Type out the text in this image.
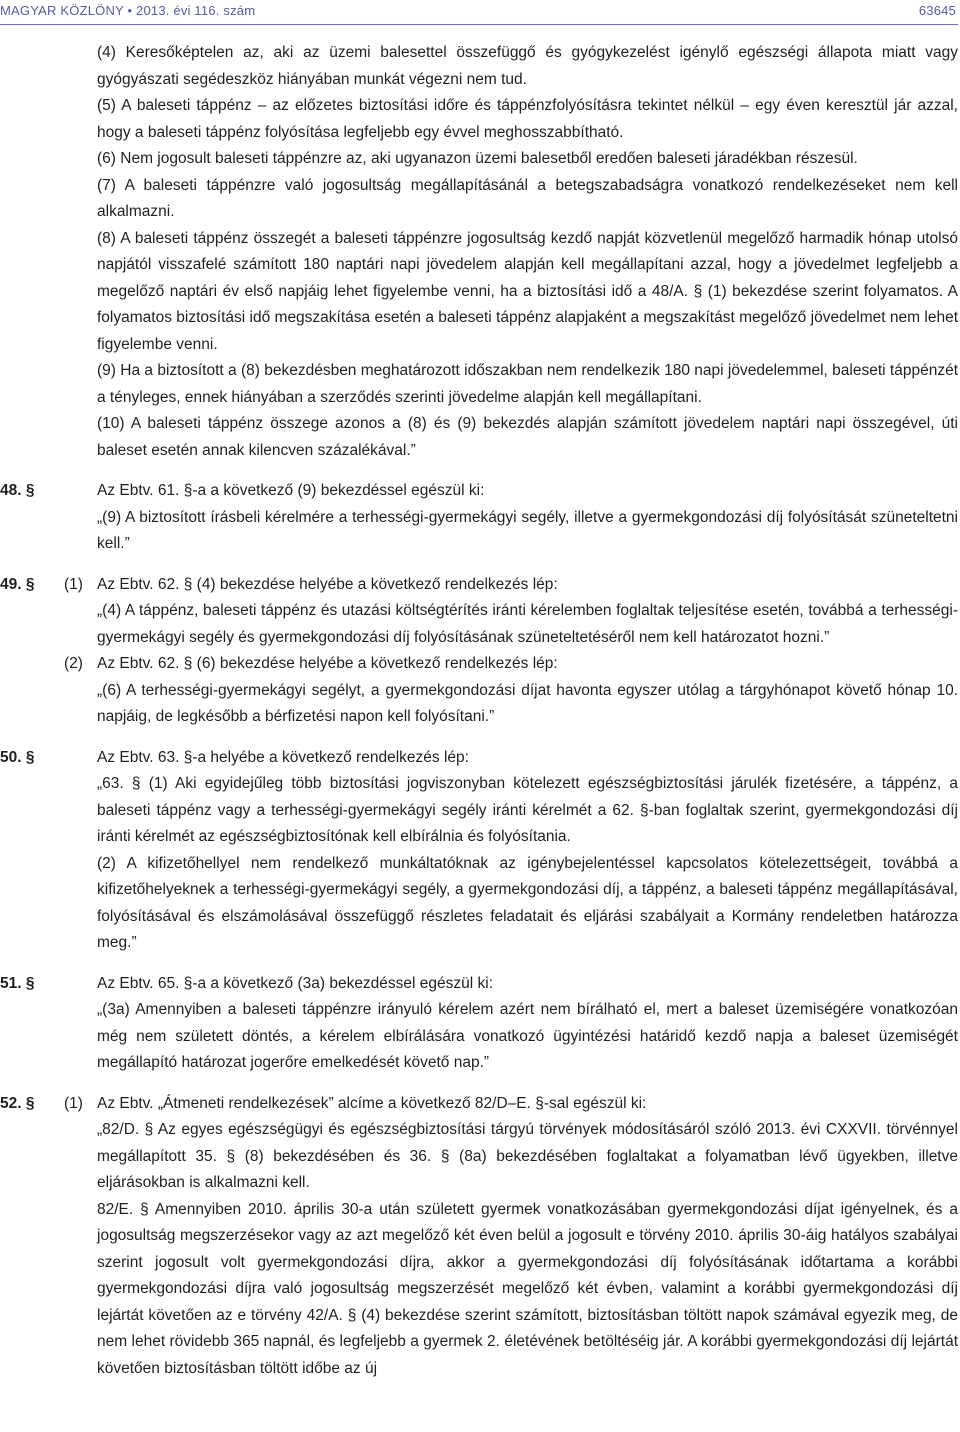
MAGYAR KÖZLÖNY • 2013. évi 116. szám	63645
(4) Keresőképtelen az, aki az üzemi balesettel összefüggő és gyógykezelést igénylő egészségi állapota miatt vagy gyógyászati segédeszköz hiányában munkát végezni nem tud.
(5) A baleseti táppénz – az előzetes biztosítási időre és táppénzfolyósításra tekintet nélkül – egy éven keresztül jár azzal, hogy a baleseti táppénz folyósítása legfeljebb egy évvel meghosszabbítható.
(6) Nem jogosult baleseti táppénzre az, aki ugyanazon üzemi balesetből eredően baleseti járadékban részesül.
(7) A baleseti táppénzre való jogosultság megállapításánál a betegszabadságra vonatkozó rendelkezéseket nem kell alkalmazni.
(8) A baleseti táppénz összegét a baleseti táppénzre jogosultság kezdő napját közvetlenül megelőző harmadik hónap utolsó napjától visszafelé számított 180 naptári napi jövedelem alapján kell megállapítani azzal, hogy a jövedelmet legfeljebb a megelőző naptári év első napjáig lehet figyelembe venni, ha a biztosítási idő a 48/A. § (1) bekezdése szerint folyamatos. A folyamatos biztosítási idő megszakítása esetén a baleseti táppénz alapjaként a megszakítást megelőző jövedelmet nem lehet figyelembe venni.
(9) Ha a biztosított a (8) bekezdésben meghatározott időszakban nem rendelkezik 180 napi jövedelemmel, baleseti táppénzét a tényleges, ennek hiányában a szerződés szerinti jövedelme alapján kell megállapítani.
(10) A baleseti táppénz összege azonos a (8) és (9) bekezdés alapján számított jövedelem naptári napi összegével, úti baleset esetén annak kilencven százalékával.”
48. §	Az Ebtv. 61. §-a a következő (9) bekezdéssel egészül ki:
„(9) A biztosított írásbeli kérelmére a terhességi-gyermekágyi segély, illetve a gyermekgondozási díj folyósítását szüneteltetni kell.”
49. § (1) Az Ebtv. 62. § (4) bekezdése helyébe a következő rendelkezés lép:
„(4) A táppénz, baleseti táppénz és utazási költségtérítés iránti kérelemben foglaltak teljesítése esetén, továbbá a terhességi-gyermekágyi segély és gyermekgondozási díj folyósításának szüneteltetéséről nem kell határozatot hozni.”
(2) Az Ebtv. 62. § (6) bekezdése helyébe a következő rendelkezés lép:
„(6) A terhességi-gyermekágyi segélyt, a gyermekgondozási díjat havonta egyszer utólag a tárgyhónapot követő hónap 10. napjáig, de legkésőbb a bérfizetési napon kell folyósítani.”
50. §	Az Ebtv. 63. §-a helyébe a következő rendelkezés lép:
„63. § (1) Aki egyidejűleg több biztosítási jogviszonyban kötelezett egészségbiztosítási járulék fizetésére, a táppénz, a baleseti táppénz vagy a terhességi-gyermekágyi segély iránti kérelmét a 62. §-ban foglaltak szerint, gyermekgondozási díj iránti kérelmét az egészségbiztosítónak kell elbírálnia és folyósítania.
(2) A kifizetőhellyel nem rendelkező munkáltatóknak az igénybejelentéssel kapcsolatos kötelezettségeit, továbbá a kifizetőhelyeknek a terhességi-gyermekágyi segély, a gyermekgondozási díj, a táppénz, a baleseti táppénz megállapításával, folyósításával és elszámolásával összefüggő részletes feladatait és eljárási szabályait a Kormány rendeletben határozza meg.”
51. §	Az Ebtv. 65. §-a a következő (3a) bekezdéssel egészül ki:
„(3a) Amennyiben a baleseti táppénzre irányuló kérelem azért nem bírálható el, mert a baleset üzemiségére vonatkozóan még nem született döntés, a kérelem elbírálására vonatkozó ügyintézési határidő kezdő napja a baleset üzemiségét megállapító határozat jogerőre emelkedését követő nap.”
52. § (1) Az Ebtv. „Átmeneti rendelkezések” alcíme a következő 82/D–E. §-sal egészül ki:
„82/D. § Az egyes egészségügyi és egészségbiztosítási tárgyú törvények módosításáról szóló 2013. évi CXXVII. törvénnyel megállapított 35. § (8) bekezdésében és 36. § (8a) bekezdésében foglaltakat a folyamatban lévő ügyekben, illetve eljárásokban is alkalmazni kell.
82/E. § Amennyiben 2010. április 30-a után született gyermek vonatkozásában gyermekgondozási díjat igényelnek, és a jogosultság megszerzésekor vagy az azt megelőző két éven belül a jogosult e törvény 2010. április 30-áig hatályos szabályai szerint jogosult volt gyermekgondozási díjra, akkor a gyermekgondozási díj folyósításának időtartama a korábbi gyermekgondozási díjra való jogosultság megszerzését megelőző két évben, valamint a korábbi gyermekgondozási díj lejártát követően az e törvény 42/A. § (4) bekezdése szerint számított, biztosításban töltött napok számával egyezik meg, de nem lehet rövidebb 365 napnál, és legfeljebb a gyermek 2. életévének betöltéséig jár. A korábbi gyermekgondozási díj lejártát követően biztosításban töltött időbe az új
